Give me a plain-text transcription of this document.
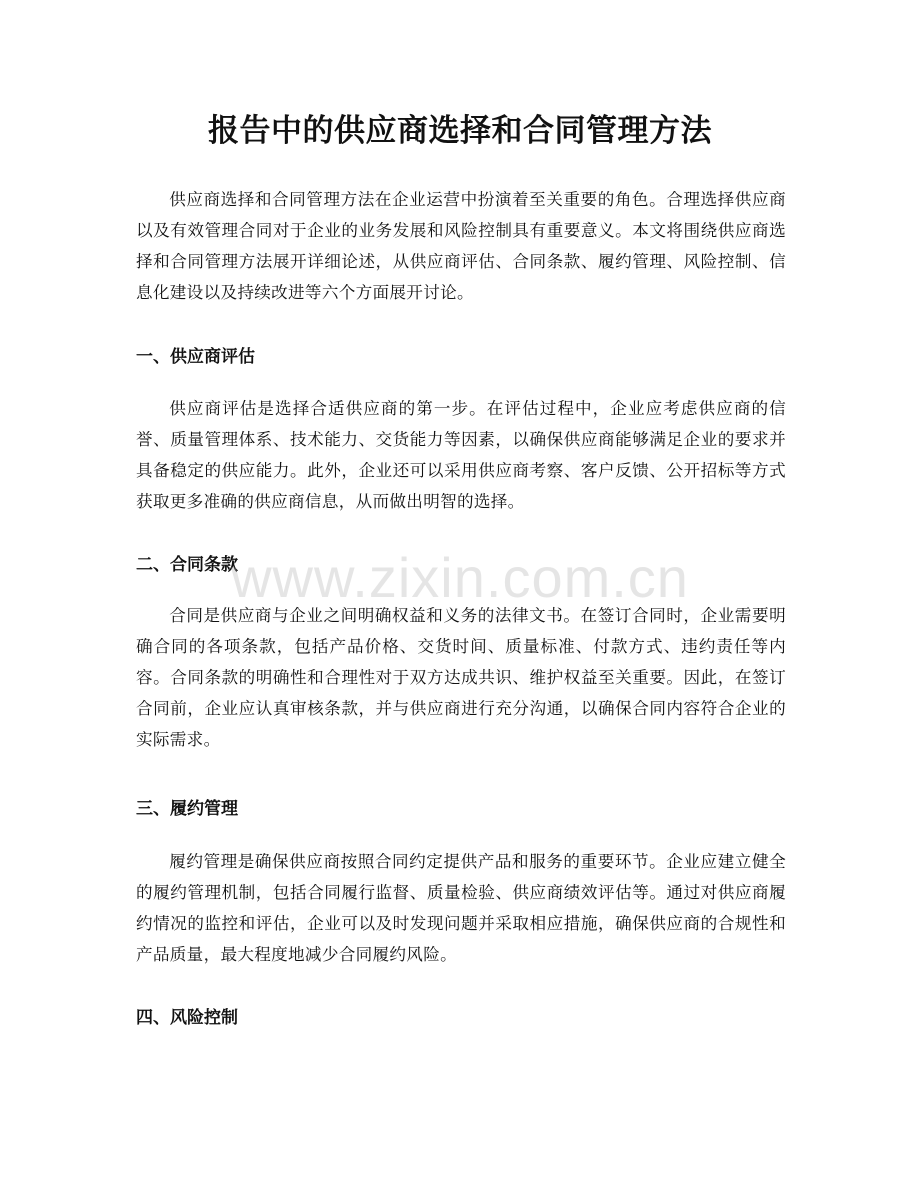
报告中的供应商选择和合同管理方法

供应商选择和合同管理方法在企业运营中扮演着至关重要的角色。合理选择供应商以及有效管理合同对于企业的业务发展和风险控制具有重要意义。本文将围绕供应商选择和合同管理方法展开详细论述，从供应商评估、合同条款、履约管理、风险控制、信息化建设以及持续改进等六个方面展开讨论。

一、供应商评估

供应商评估是选择合适供应商的第一步。在评估过程中，企业应考虑供应商的信誉、质量管理体系、技术能力、交货能力等因素，以确保供应商能够满足企业的要求并具备稳定的供应能力。此外，企业还可以采用供应商考察、客户反馈、公开招标等方式获取更多准确的供应商信息，从而做出明智的选择。

二、合同条款

合同是供应商与企业之间明确权益和义务的法律文书。在签订合同时，企业需要明确合同的各项条款，包括产品价格、交货时间、质量标准、付款方式、违约责任等内容。合同条款的明确性和合理性对于双方达成共识、维护权益至关重要。因此，在签订合同前，企业应认真审核条款，并与供应商进行充分沟通，以确保合同内容符合企业的实际需求。

三、履约管理

履约管理是确保供应商按照合同约定提供产品和服务的重要环节。企业应建立健全的履约管理机制，包括合同履行监督、质量检验、供应商绩效评估等。通过对供应商履约情况的监控和评估，企业可以及时发现问题并采取相应措施，确保供应商的合规性和产品质量，最大程度地减少合同履约风险。

四、风险控制
www.zixin.com.cn
